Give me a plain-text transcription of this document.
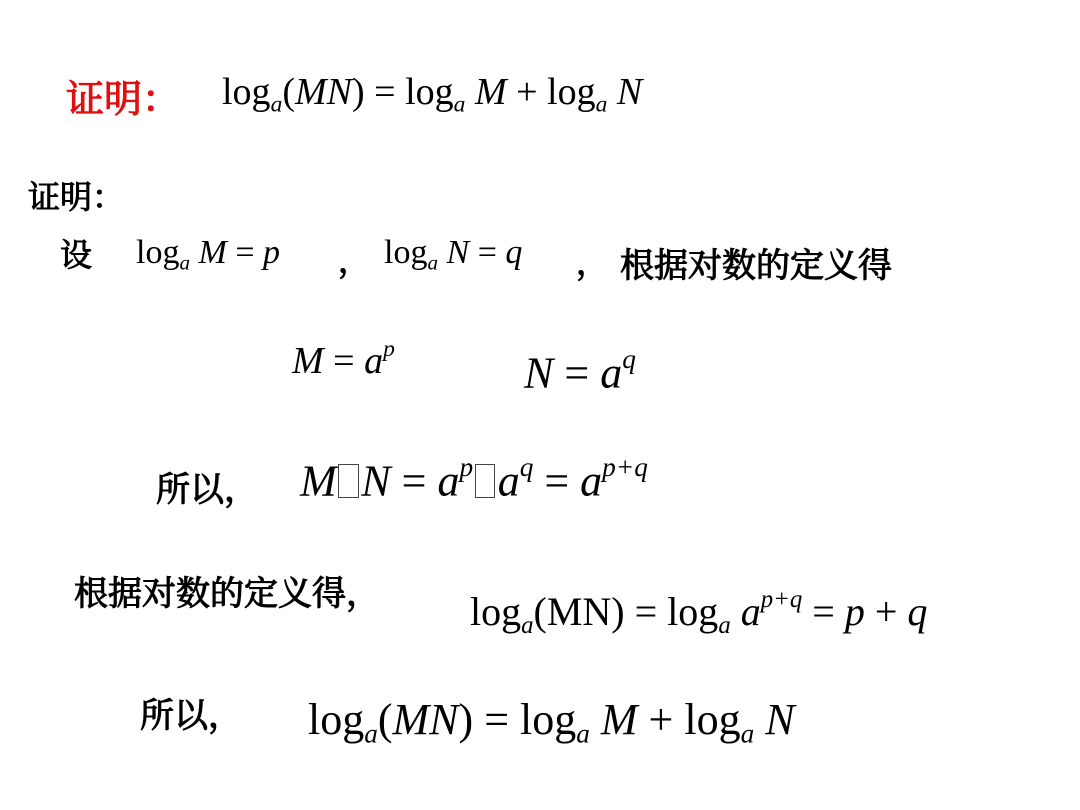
证明： $\log_a(MN) = \log_a M + \log_a N$
证明：
设 $\log_a M = p$ ， $\log_a N = q$ ， 根据对数的定义得
$M = a^p$	$N = a^q$
所以， M $N = a^p$ $a^q = a^{p+q}$
根据对数的定义得， $\log_a(MN) = \log_a a^{p+q} = p + q$
所以， $\log_a(MN) = \log_a M + \log_a N$
